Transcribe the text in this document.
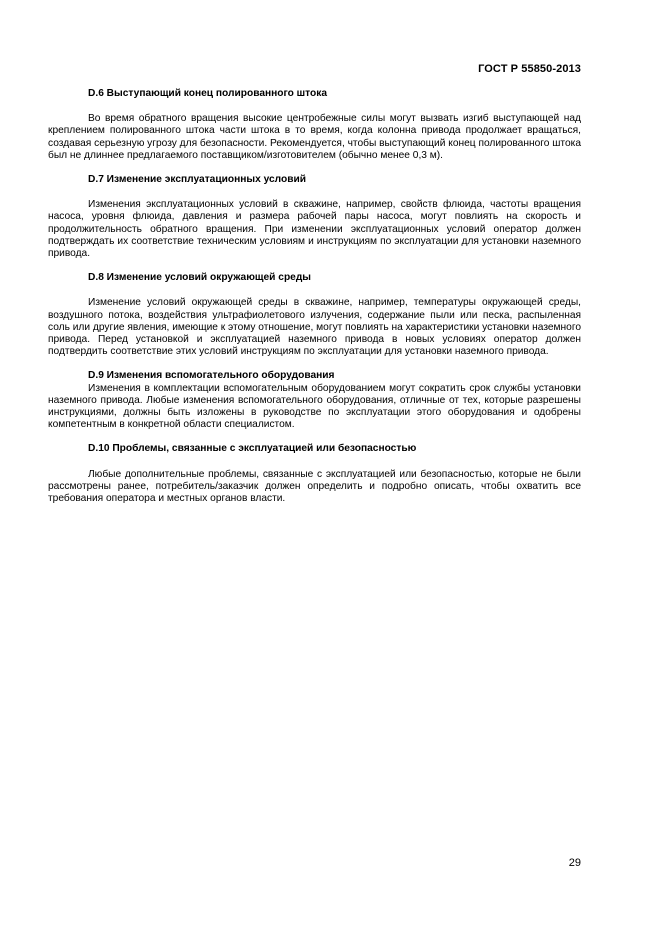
ГОСТ Р 55850-2013

D.6 Выступающий конец полированного штока

Во время обратного вращения высокие центробежные силы могут вызвать изгиб выступающей над креплением полированного штока части штока в то время, когда колонна привода продолжает вращаться, создавая серьезную угрозу для безопасности. Рекомендуется, чтобы выступающий конец полированного штока был не длиннее предлагаемого поставщиком/изготовителем (обычно менее 0,3 м).

D.7 Изменение эксплуатационных условий

Изменения эксплуатационных условий в скважине, например, свойств флюида, частоты вращения насоса, уровня флюида, давления и размера рабочей пары насоса, могут повлиять на скорость и продолжительность обратного вращения. При изменении эксплуатационных условий оператор должен подтверждать их соответствие техническим условиям и инструкциям по эксплуатации для установки наземного привода.

D.8 Изменение условий окружающей среды

Изменение условий окружающей среды в скважине, например, температуры окружающей среды, воздушного потока, воздействия ультрафиолетового излучения, содержание пыли или песка, распыленная соль или другие явления, имеющие к этому отношение, могут повлиять на характеристики установки наземного привода. Перед установкой и эксплуатацией наземного привода в новых условиях оператор должен подтвердить соответствие этих условий инструкциям по эксплуатации для установки наземного привода.

D.9 Изменения вспомогательного оборудования

Изменения в комплектации вспомогательным оборудованием могут сократить срок службы установки наземного привода. Любые изменения вспомогательного оборудования, отличные от тех, которые разрешены инструкциями, должны быть изложены в руководстве по эксплуатации этого оборудования и одобрены компетентным в конкретной области специалистом.

D.10 Проблемы, связанные с эксплуатацией или безопасностью

Любые дополнительные проблемы, связанные с эксплуатацией или безопасностью, которые не были рассмотрены ранее, потребитель/заказчик должен определить и подробно описать, чтобы охватить все требования оператора и местных органов власти.

29
